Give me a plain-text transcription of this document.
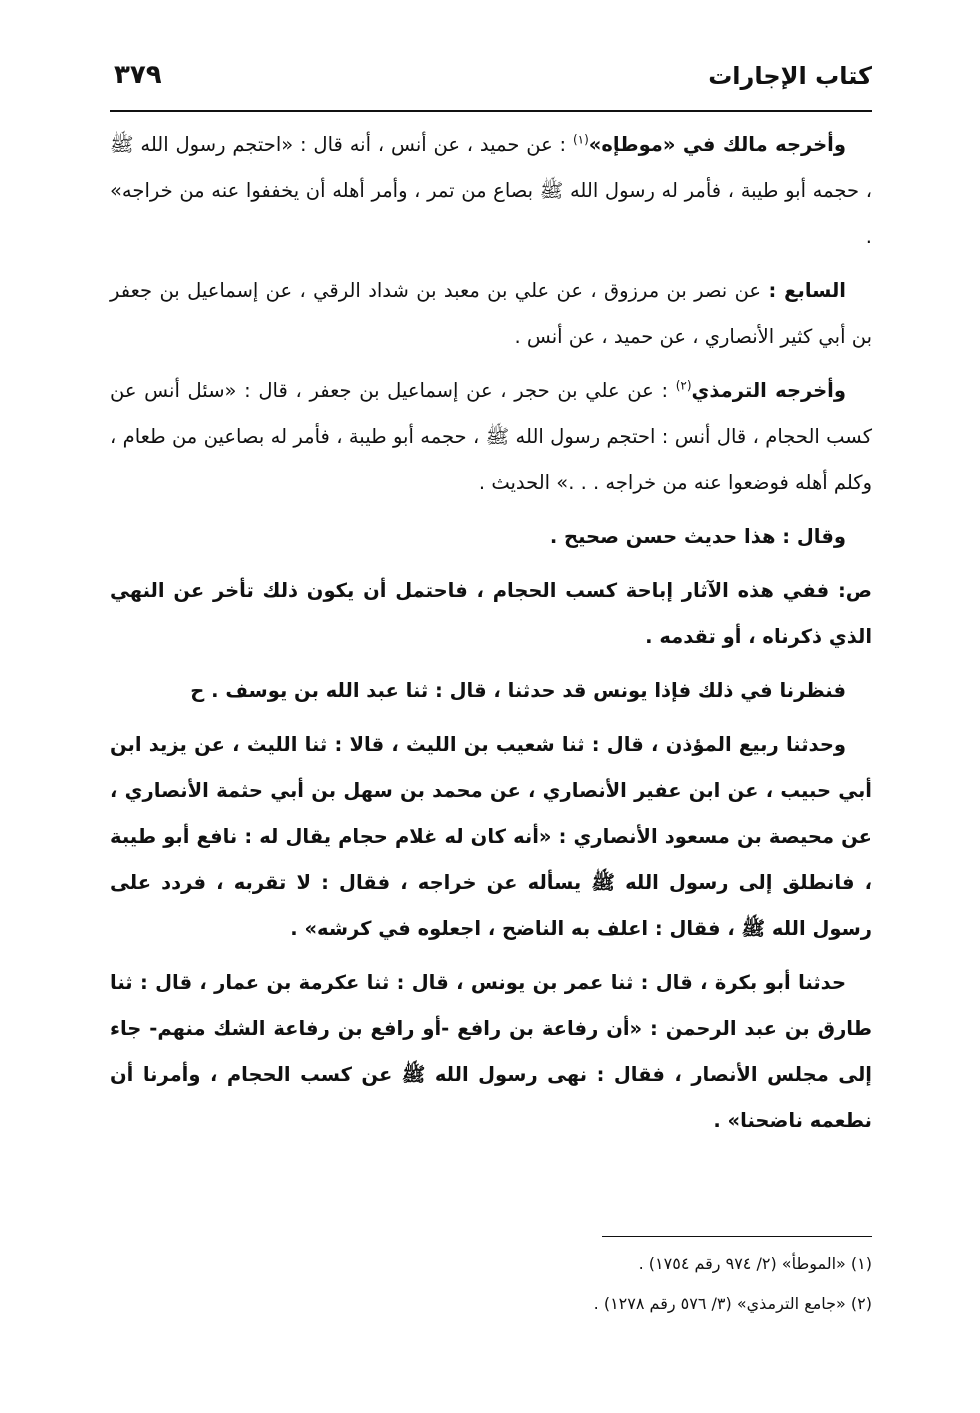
كتاب الإجارات
٣٧٩

وأخرجه مالك في «موطإه»$^{(١)}$ : عن حميد ، عن أنس ، أنه قال : «احتجم رسول الله ﷺ ، حجمه أبو طيبة ، فأمر له رسول الله ﷺ بصاع من تمر ، وأمر أهله أن يخففوا عنه من خراجه» .

السابع : عن نصر بن مرزوق ، عن علي بن معبد بن شداد الرقي ، عن إسماعيل بن جعفر بن أبي كثير الأنصاري ، عن حميد ، عن أنس .

وأخرجه الترمذي$^{(٢)}$ : عن علي بن حجر ، عن إسماعيل بن جعفر ، قال : «سئل أنس عن كسب الحجام ، قال أنس : احتجم رسول الله ﷺ ، حجمه أبو طيبة ، فأمر له بصاعين من طعام ، وكلم أهله فوضعوا عنه من خراجه . . .» الحديث .

وقال : هذا حديث حسن صحيح .

ص: ففي هذه الآثار إباحة كسب الحجام ، فاحتمل أن يكون ذلك تأخر عن النهي الذي ذكرناه ، أو تقدمه .

فنظرنا في ذلك فإذا يونس قد حدثنا ، قال : ثنا عبد الله بن يوسف . ح

وحدثنا ربيع المؤذن ، قال : ثنا شعيب بن الليث ، قالا : ثنا الليث ، عن يزيد ابن أبي حبيب ، عن ابن عفير الأنصاري ، عن محمد بن سهل بن أبي حثمة الأنصاري ، عن محيصة بن مسعود الأنصاري : «أنه كان له غلام حجام يقال له : نافع أبو طيبة ، فانطلق إلى رسول الله ﷺ يسأله عن خراجه ، فقال : لا تقربه ، فردد على رسول الله ﷺ ، فقال : اعلف به الناضح ، اجعلوه في كرشه» .

حدثنا أبو بكرة ، قال : ثنا عمر بن يونس ، قال : ثنا عكرمة بن عمار ، قال : ثنا طارق بن عبد الرحمن : «أن رفاعة بن رافع -أو رافع بن رفاعة الشك منهم- جاء إلى مجلس الأنصار ، فقال : نهى رسول الله ﷺ عن كسب الحجام ، وأمرنا أن نطعمه ناضحنا» .

(١) «الموطأ» (٢/ ٩٧٤ رقم ١٧٥٤) .

(٢) «جامع الترمذي» (٣/ ٥٧٦ رقم ١٢٧٨) .
